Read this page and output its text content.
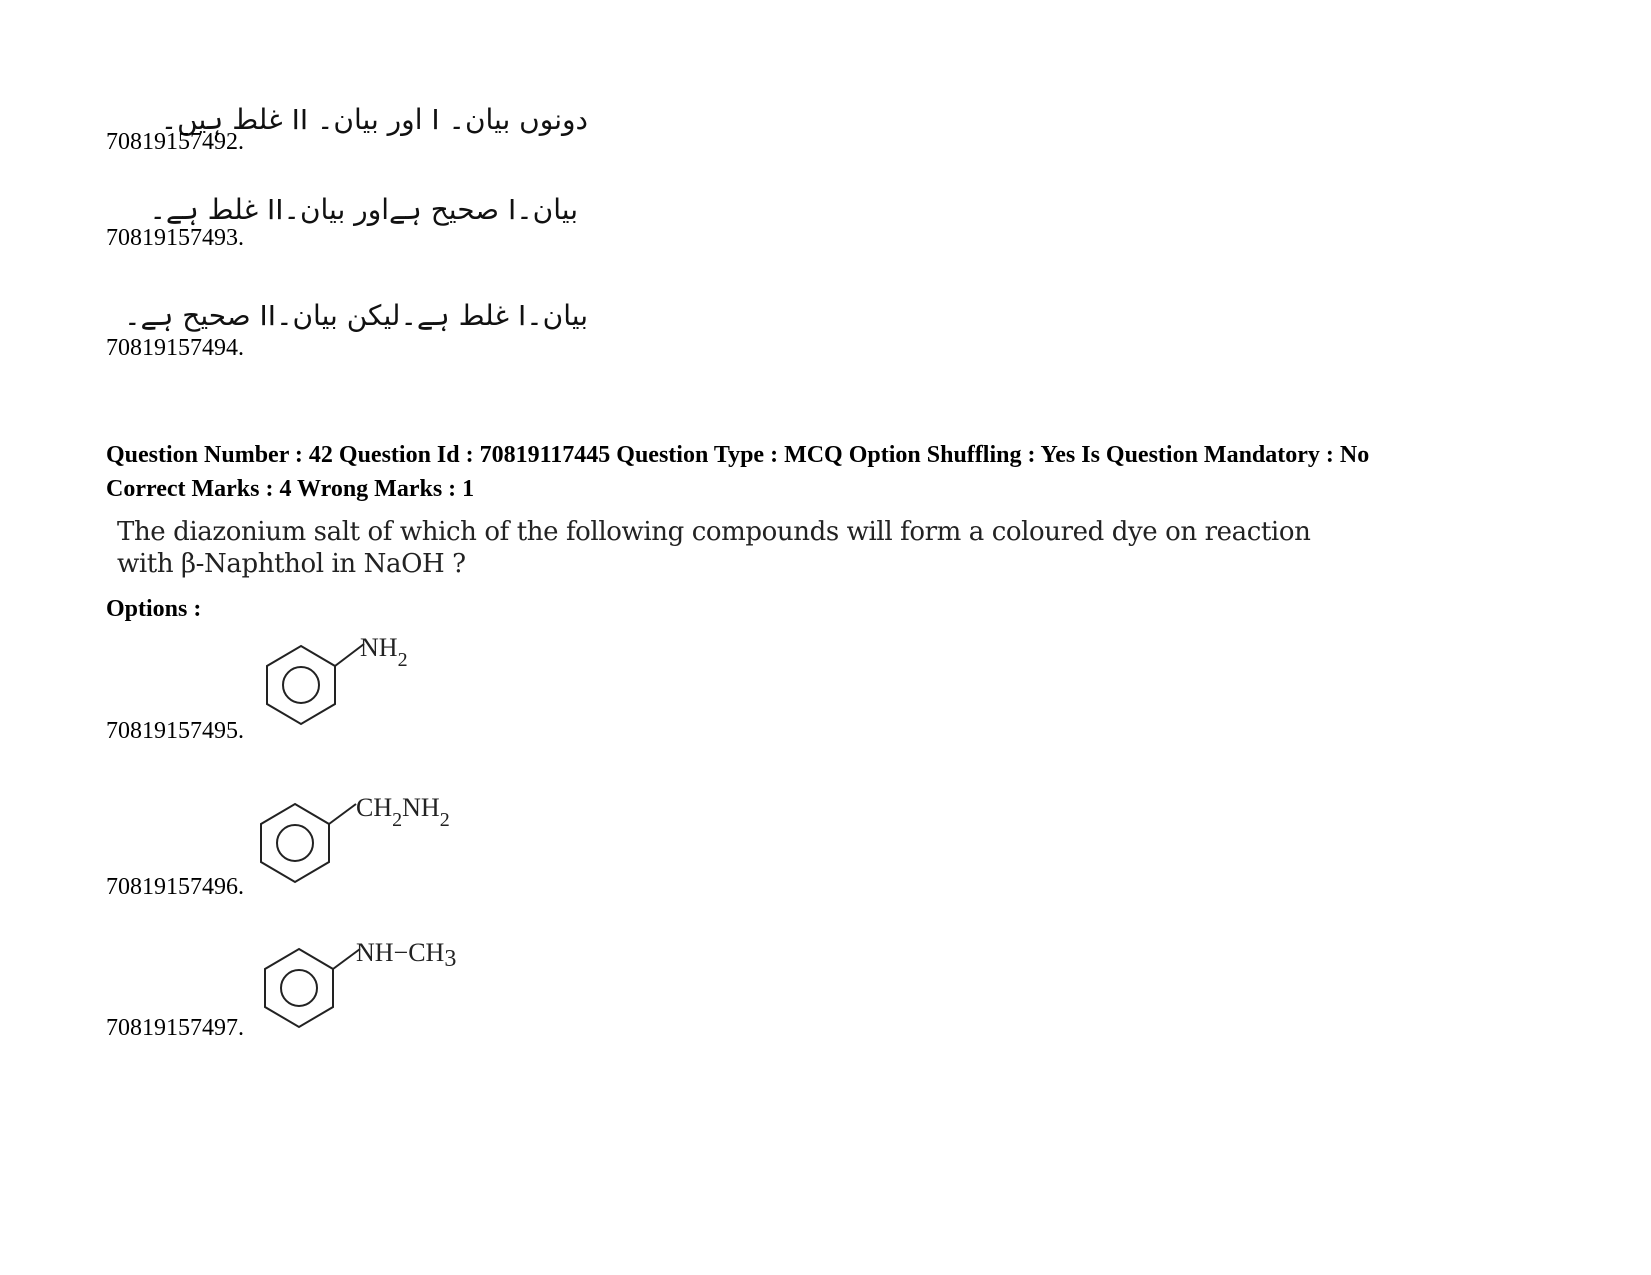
دونوں بیان۔ I اور بیان۔ II غلط ہیں۔
70819157492.
بیان۔I صحیح ہےاور بیان۔II غلط ہے۔
70819157493.
بیان۔I غلط ہے۔لیکن بیان۔II صحیح ہے۔
70819157494.
Question Number : 42 Question Id : 70819117445 Question Type : MCQ Option Shuffling : Yes Is Question Mandatory : No
Correct Marks : 4 Wrong Marks : 1
The diazonium salt of which of the following compounds will form a coloured dye on reaction
with β-Naphthol in NaOH ?
Options :
$NH_2$
70819157495.
$CH_2NH_2$
70819157496.
NH−CH3
70819157497.
